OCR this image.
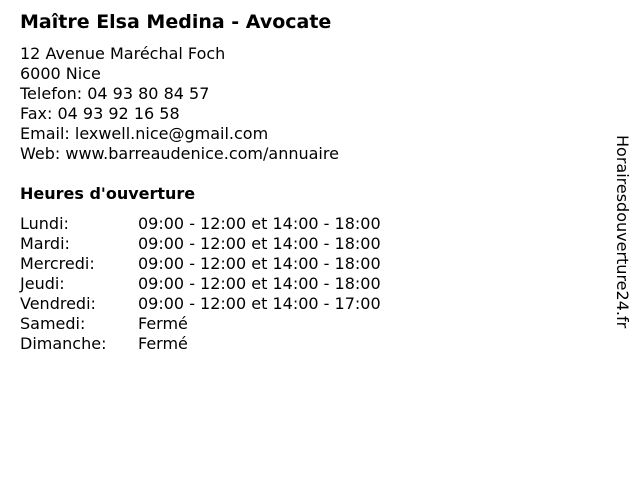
Maître Elsa Medina - Avocate
12 Avenue Maréchal Foch
6000 Nice
Telefon: 04 93 80 84 57
Fax: 04 93 92 16 58
Email: lexwell.nice@gmail.com
Web: www.barreaudenice.com/annuaire
Heures d'ouverture
Lundi:	09:00 - 12:00 et 14:00 - 18:00
Mardi:	09:00 - 12:00 et 14:00 - 18:00
Mercredi:	09:00 - 12:00 et 14:00 - 18:00
Jeudi:	09:00 - 12:00 et 14:00 - 18:00
Vendredi:	09:00 - 12:00 et 14:00 - 17:00
Samedi:	Fermé
Dimanche: Fermé
Horairesdouverture24.fr
